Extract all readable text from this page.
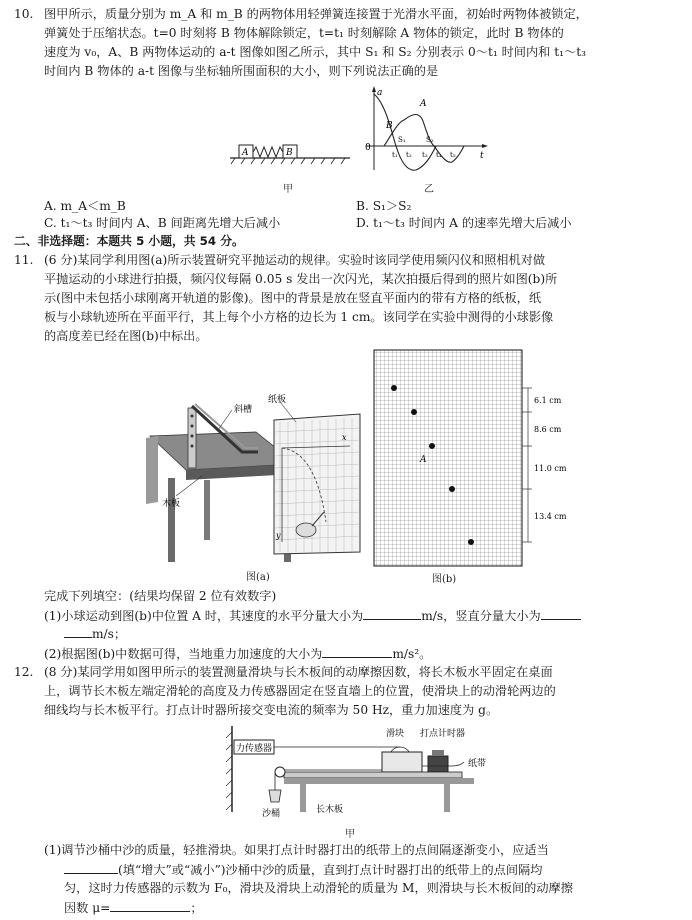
10. 图甲所示，质量分别为 m_A 和 m_B 的两物体用轻弹簧连接置于光滑水平面，初始时两物体被锁定，
弹簧处于压缩状态。t=0 时刻将 B 物体解除锁定，t=t₁ 时刻解除 A 物体的锁定，此时 B 物体的
速度为 v₀，A、B 两物体运动的 a-t 图像如图乙所示，其中 S₁ 和 S₂ 分别表示 0～t₁ 时间内和 t₁～t₃
时间内 B 物体的 a-t 图像与坐标轴所围面积的大小，则下列说法正确的是
A	B
甲
a
0
t
A
B
S₁	S₂
t₁ t₂ t₃ t₄ t₅
乙
A. m_A＜m_B	B. S₁＞S₂
C. t₁～t₃ 时间内 A、B 间距离先增大后减小	D. t₁～t₃ 时间内 A 的速率先增大后减小
二、非选择题：本题共 5 小题，共 54 分。
11. (6 分)某同学利用图(a)所示装置研究平抛运动的规律。实验时该同学使用频闪仪和照相机对做
平抛运动的小球进行拍摄，频闪仪每隔 0.05 s 发出一次闪光，某次拍摄后得到的照片如图(b)所
示(图中未包括小球刚离开轨道的影像)。图中的背景是放在竖直平面内的带有方格的纸板，纸
板与小球轨迹所在平面平行，其上每个小方格的边长为 1 cm。该同学在实验中测得的小球影像
的高度差已经在图(b)中标出。
斜槽
纸板
木板
x
y
图(a)
A
6.1 cm
8.6 cm
11.0 cm
13.4 cm
图(b)
完成下列填空：(结果均保留 2 位有效数字)
(1)小球运动到图(b)中位置 A 时，其速度的水平分量大小为	m/s，竖直分量大小为
m/s；
(2)根据图(b)中数据可得，当地重力加速度的大小为	m/s²。
12. (8 分)某同学用如图甲所示的装置测量滑块与长木板间的动摩擦因数，将长木板水平固定在桌面
上，调节长木板左端定滑轮的高度及力传感器固定在竖直墙上的位置，使滑块上的动滑轮两边的
细线均与长木板平行。打点计时器所接交变电流的频率为 50 Hz，重力加速度为 g。
力传感器
滑块 打点计时器
纸带
沙桶	长木板
甲
(1)调节沙桶中沙的质量，轻推滑块。如果打点计时器打出的纸带上的点间隔逐渐变小，应适当
(填“增大”或“减小”)沙桶中沙的质量，直到打点计时器打出的纸带上的点间隔均
匀，这时力传感器的示数为 F₀，滑块及滑块上动滑轮的质量为 M，则滑块与长木板间的动摩擦
因数 μ=	；
